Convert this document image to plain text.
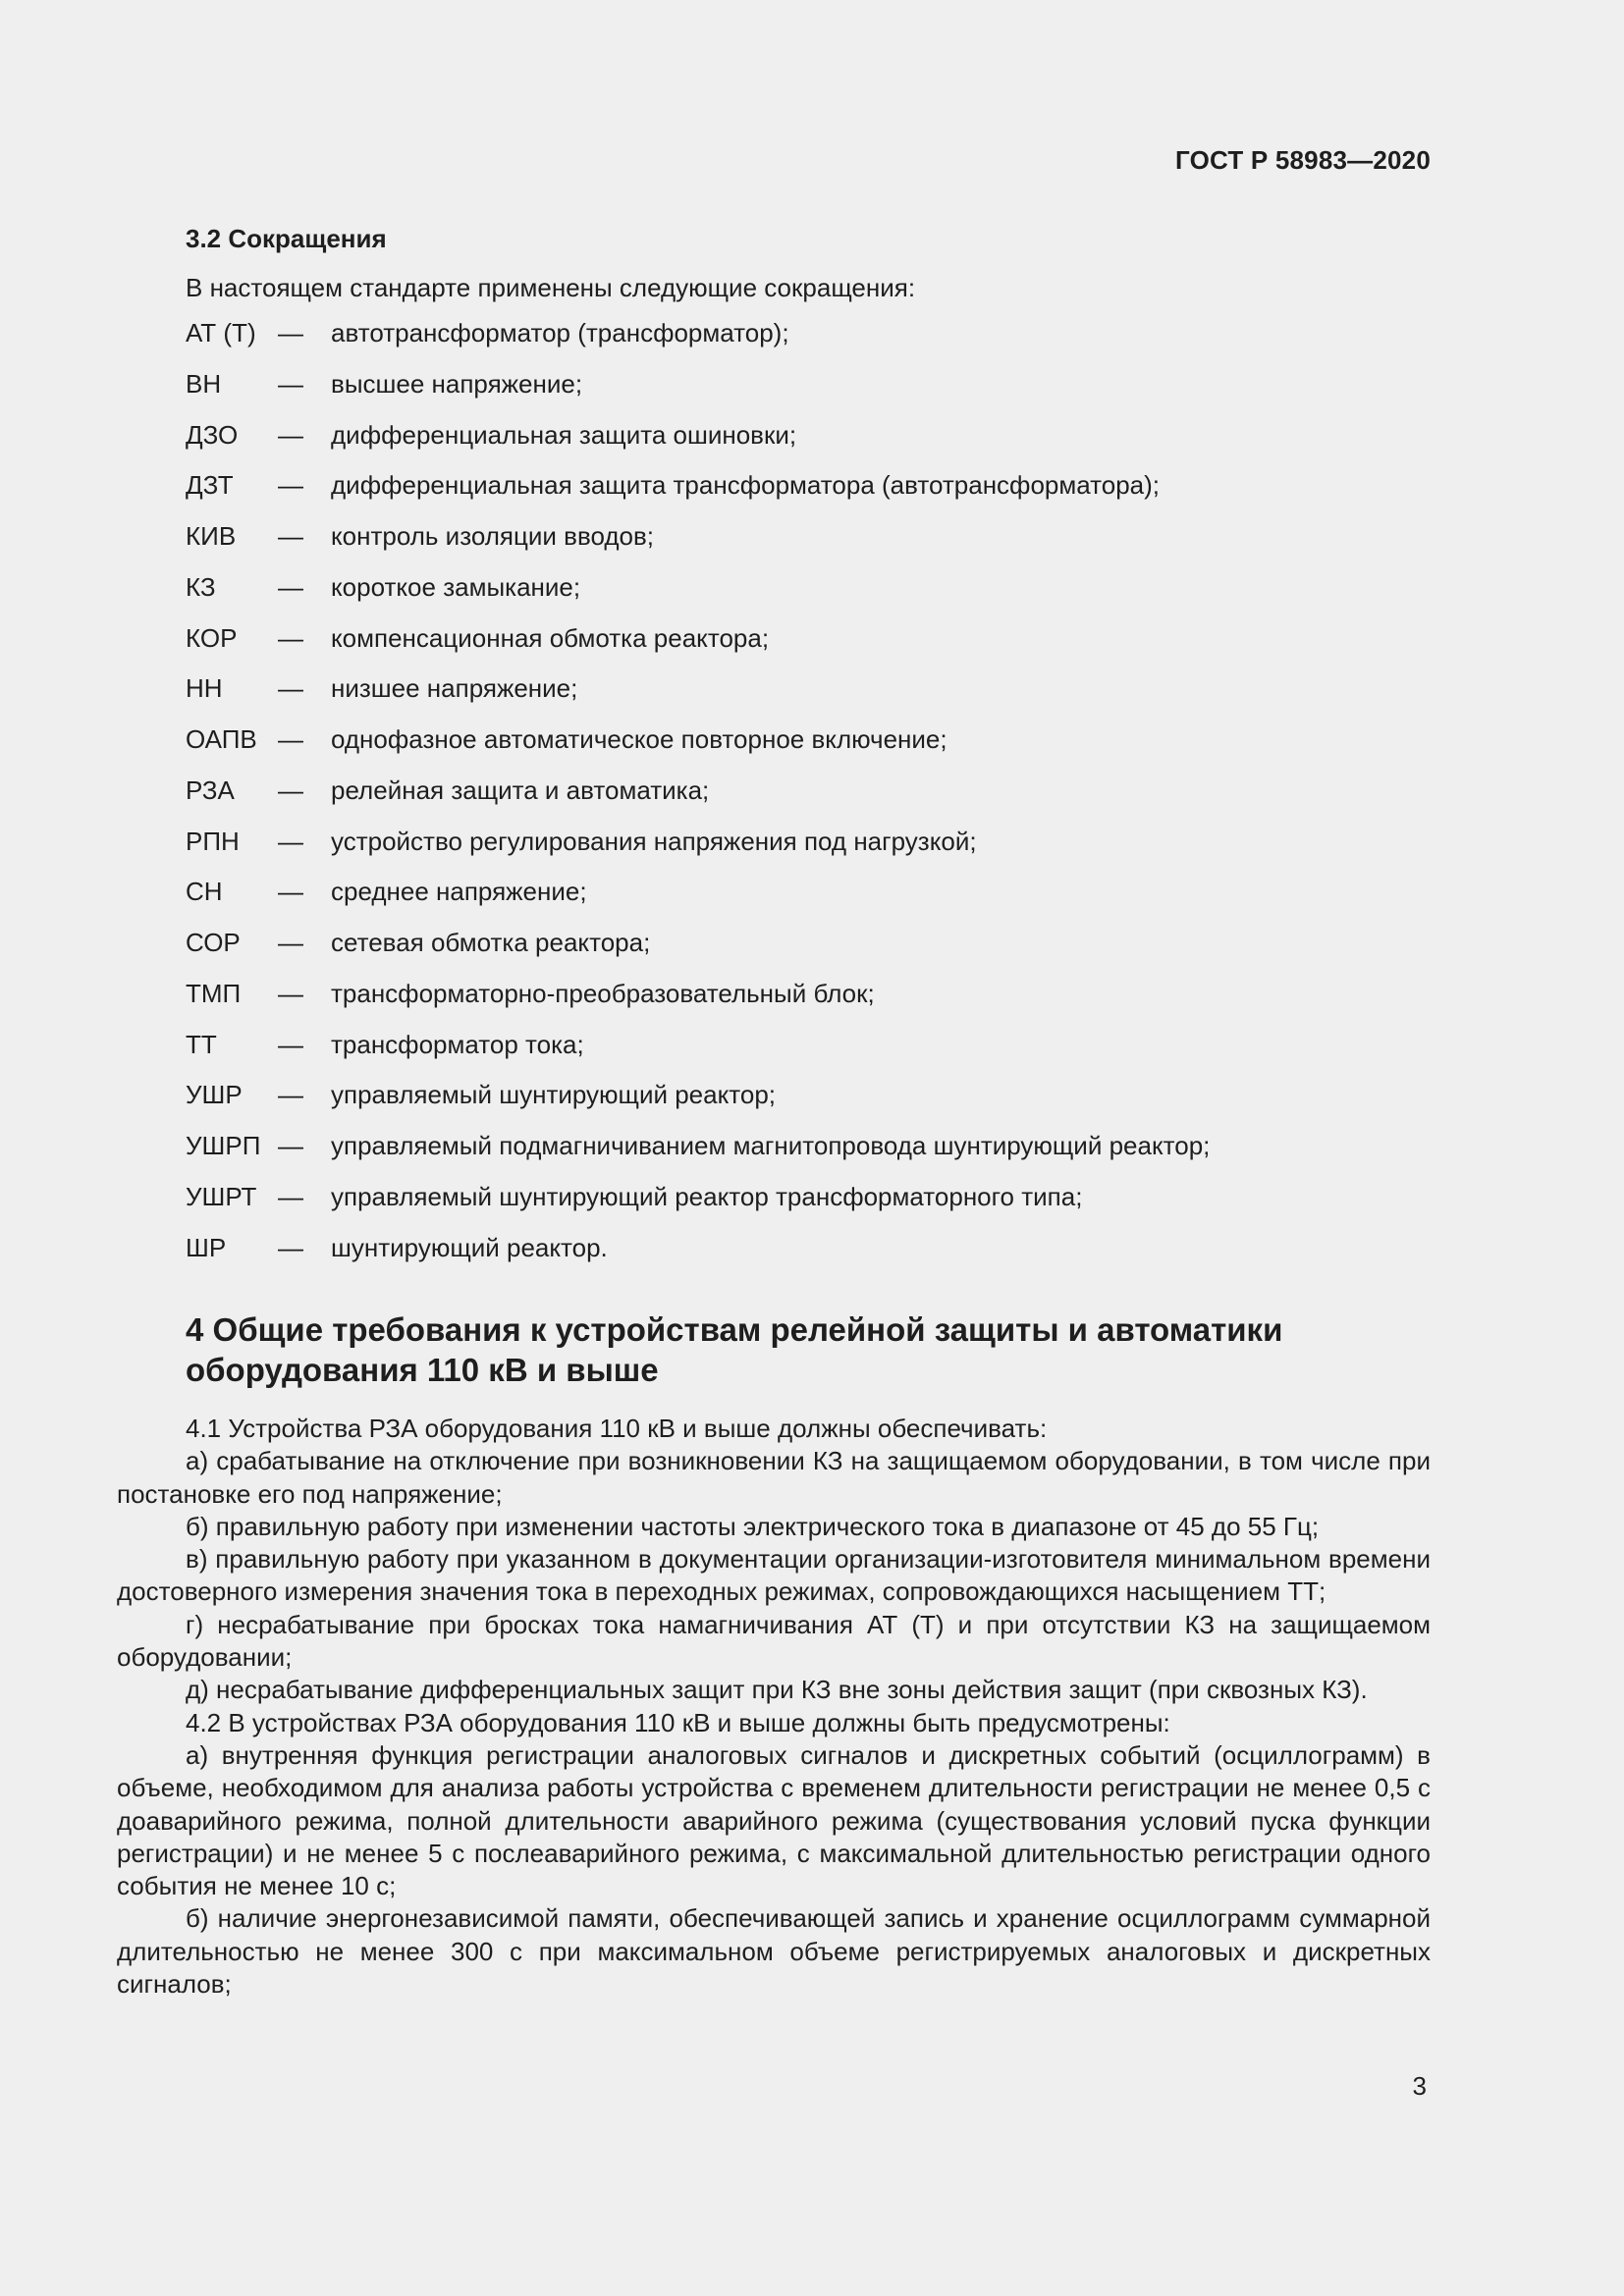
ГОСТ Р 58983—2020
3.2 Сокращения
В настоящем стандарте применены следующие сокращения:
АТ (Т) — автотрансформатор (трансформатор);
ВН — высшее напряжение;
ДЗО — дифференциальная защита ошиновки;
ДЗТ — дифференциальная защита трансформатора (автотрансформатора);
КИВ — контроль изоляции вводов;
КЗ — короткое замыкание;
КОР — компенсационная обмотка реактора;
НН — низшее напряжение;
ОАПВ — однофазное автоматическое повторное включение;
РЗА — релейная защита и автоматика;
РПН — устройство регулирования напряжения под нагрузкой;
СН — среднее напряжение;
СОР — сетевая обмотка реактора;
ТМП — трансформаторно-преобразовательный блок;
ТТ — трансформатор тока;
УШР — управляемый шунтирующий реактор;
УШРП — управляемый подмагничиванием магнитопровода шунтирующий реактор;
УШРТ — управляемый шунтирующий реактор трансформаторного типа;
ШР — шунтирующий реактор.
4 Общие требования к устройствам релейной защиты и автоматики оборудования 110 кВ и выше

4.1 Устройства РЗА оборудования 110 кВ и выше должны обеспечивать:

а) срабатывание на отключение при возникновении КЗ на защищаемом оборудовании, в том числе при постановке его под напряжение;

б) правильную работу при изменении частоты электрического тока в диапазоне от 45 до 55 Гц;

в) правильную работу при указанном в документации организации-изготовителя минимальном времени достоверного измерения значения тока в переходных режимах, сопровождающихся насыщением ТТ;

г) несрабатывание при бросках тока намагничивания АТ (Т) и при отсутствии КЗ на защищаемом оборудовании;

д) несрабатывание дифференциальных защит при КЗ вне зоны действия защит (при сквозных КЗ).

4.2 В устройствах РЗА оборудования 110 кВ и выше должны быть предусмотрены:

а) внутренняя функция регистрации аналоговых сигналов и дискретных событий (осциллограмм) в объеме, необходимом для анализа работы устройства с временем длительности регистрации не менее 0,5 с доаварийного режима, полной длительности аварийного режима (существования условий пуска функции регистрации) и не менее 5 с послеаварийного режима, с максимальной длительностью регистрации одного события не менее 10 с;

б) наличие энергонезависимой памяти, обеспечивающей запись и хранение осциллограмм суммарной длительностью не менее 300 с при максимальном объеме регистрируемых аналоговых и дискретных сигналов;

3
